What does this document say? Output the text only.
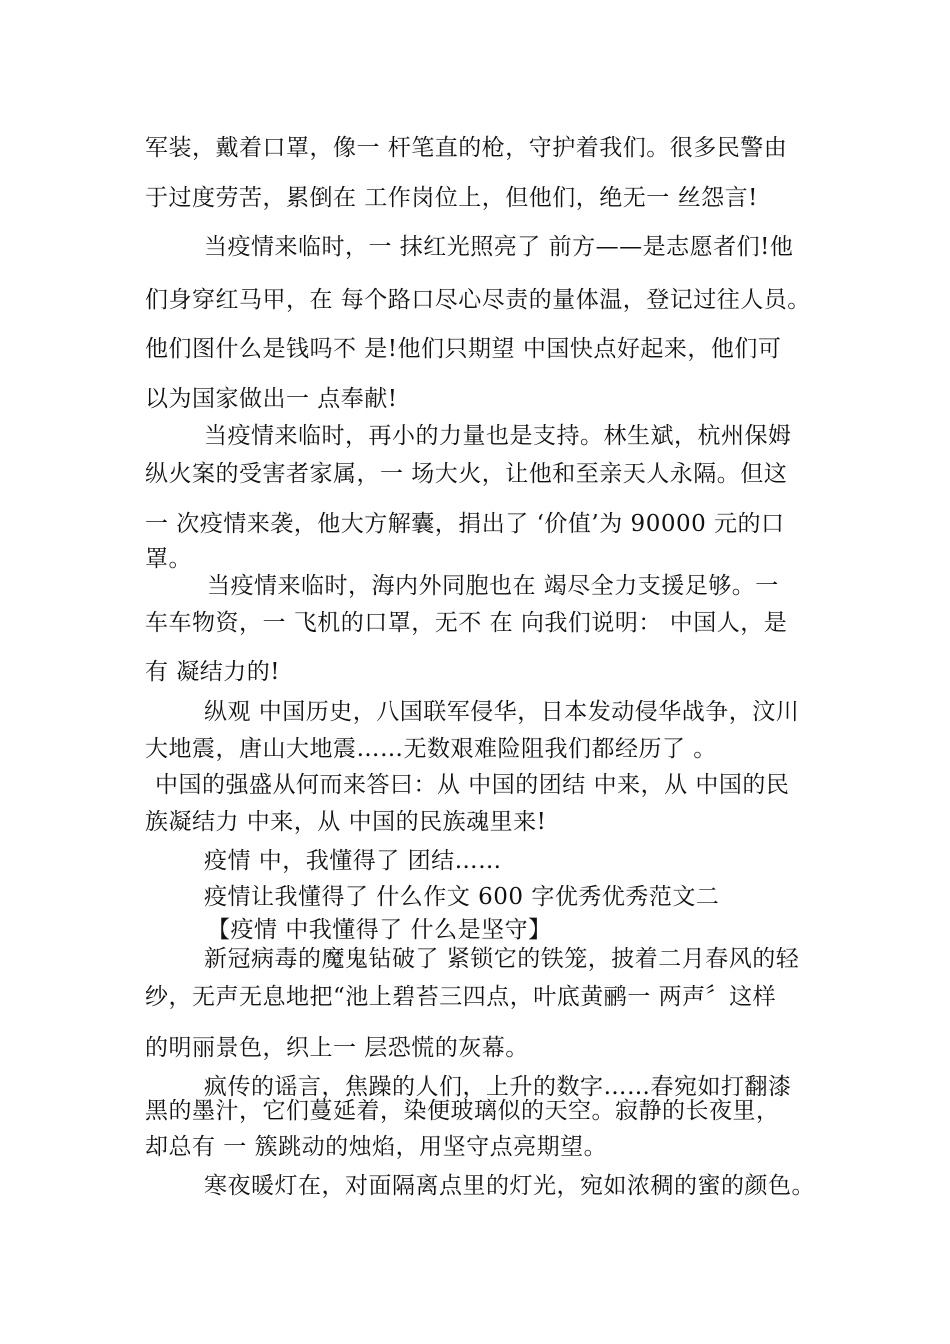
军装，戴着口罩，像一 杆笔直的枪，守护着我们。很多民警由
于过度劳苦，累倒在 工作岗位上，但他们，绝无一 丝怨言!
当疫情来临时，一 抹红光照亮了 前方——是志愿者们!他
们身穿红马甲，在 每个路口尽心尽责的量体温，登记过往人员。
他们图什么是钱吗不 是!他们只期望 中国快点好起来，他们可
以为国家做出一 点奉献!
当疫情来临时，再小的力量也是支持。林生斌，杭州保姆
纵火案的受害者家属，一 场大火，让他和至亲天人永隔。但这
一 次疫情来袭，他大方解囊，捐出了 ‘价值’为 90000 元的口
罩。
当疫情来临时，海内外同胞也在 竭尽全力支援足够。一
车车物资，一 飞机的口罩，无不 在 向我们说明： 中国人，是
有 凝结力的!
纵观 中国历史，八国联军侵华，日本发动侵华战争，汶川
大地震，唐山大地震……无数艰难险阻我们都经历了 。
中国的强盛从何而来答曰：从 中国的团结 中来，从 中国的民
族凝结力 中来，从 中国的民族魂里来!
疫情 中，我懂得了 团结……
疫情让我懂得了 什么作文 600 字优秀优秀范文二
【疫情 中我懂得了 什么是坚守】
新冠病毒的魔鬼钻破了 紧锁它的铁笼，披着二月春风的轻
纱，无声无息地把“池上碧苔三四点，叶底黄鹂一 两声〞这样
的明丽景色，织上一 层恐慌的灰幕。
疯传的谣言，焦躁的人们，上升的数字……春宛如打翻漆
黑的墨汁，它们蔓延着，染便玻璃似的天空。寂静的长夜里，
却总有 一 簇跳动的烛焰，用坚守点亮期望。
寒夜暖灯在，对面隔离点里的灯光，宛如浓稠的蜜的颜色。
